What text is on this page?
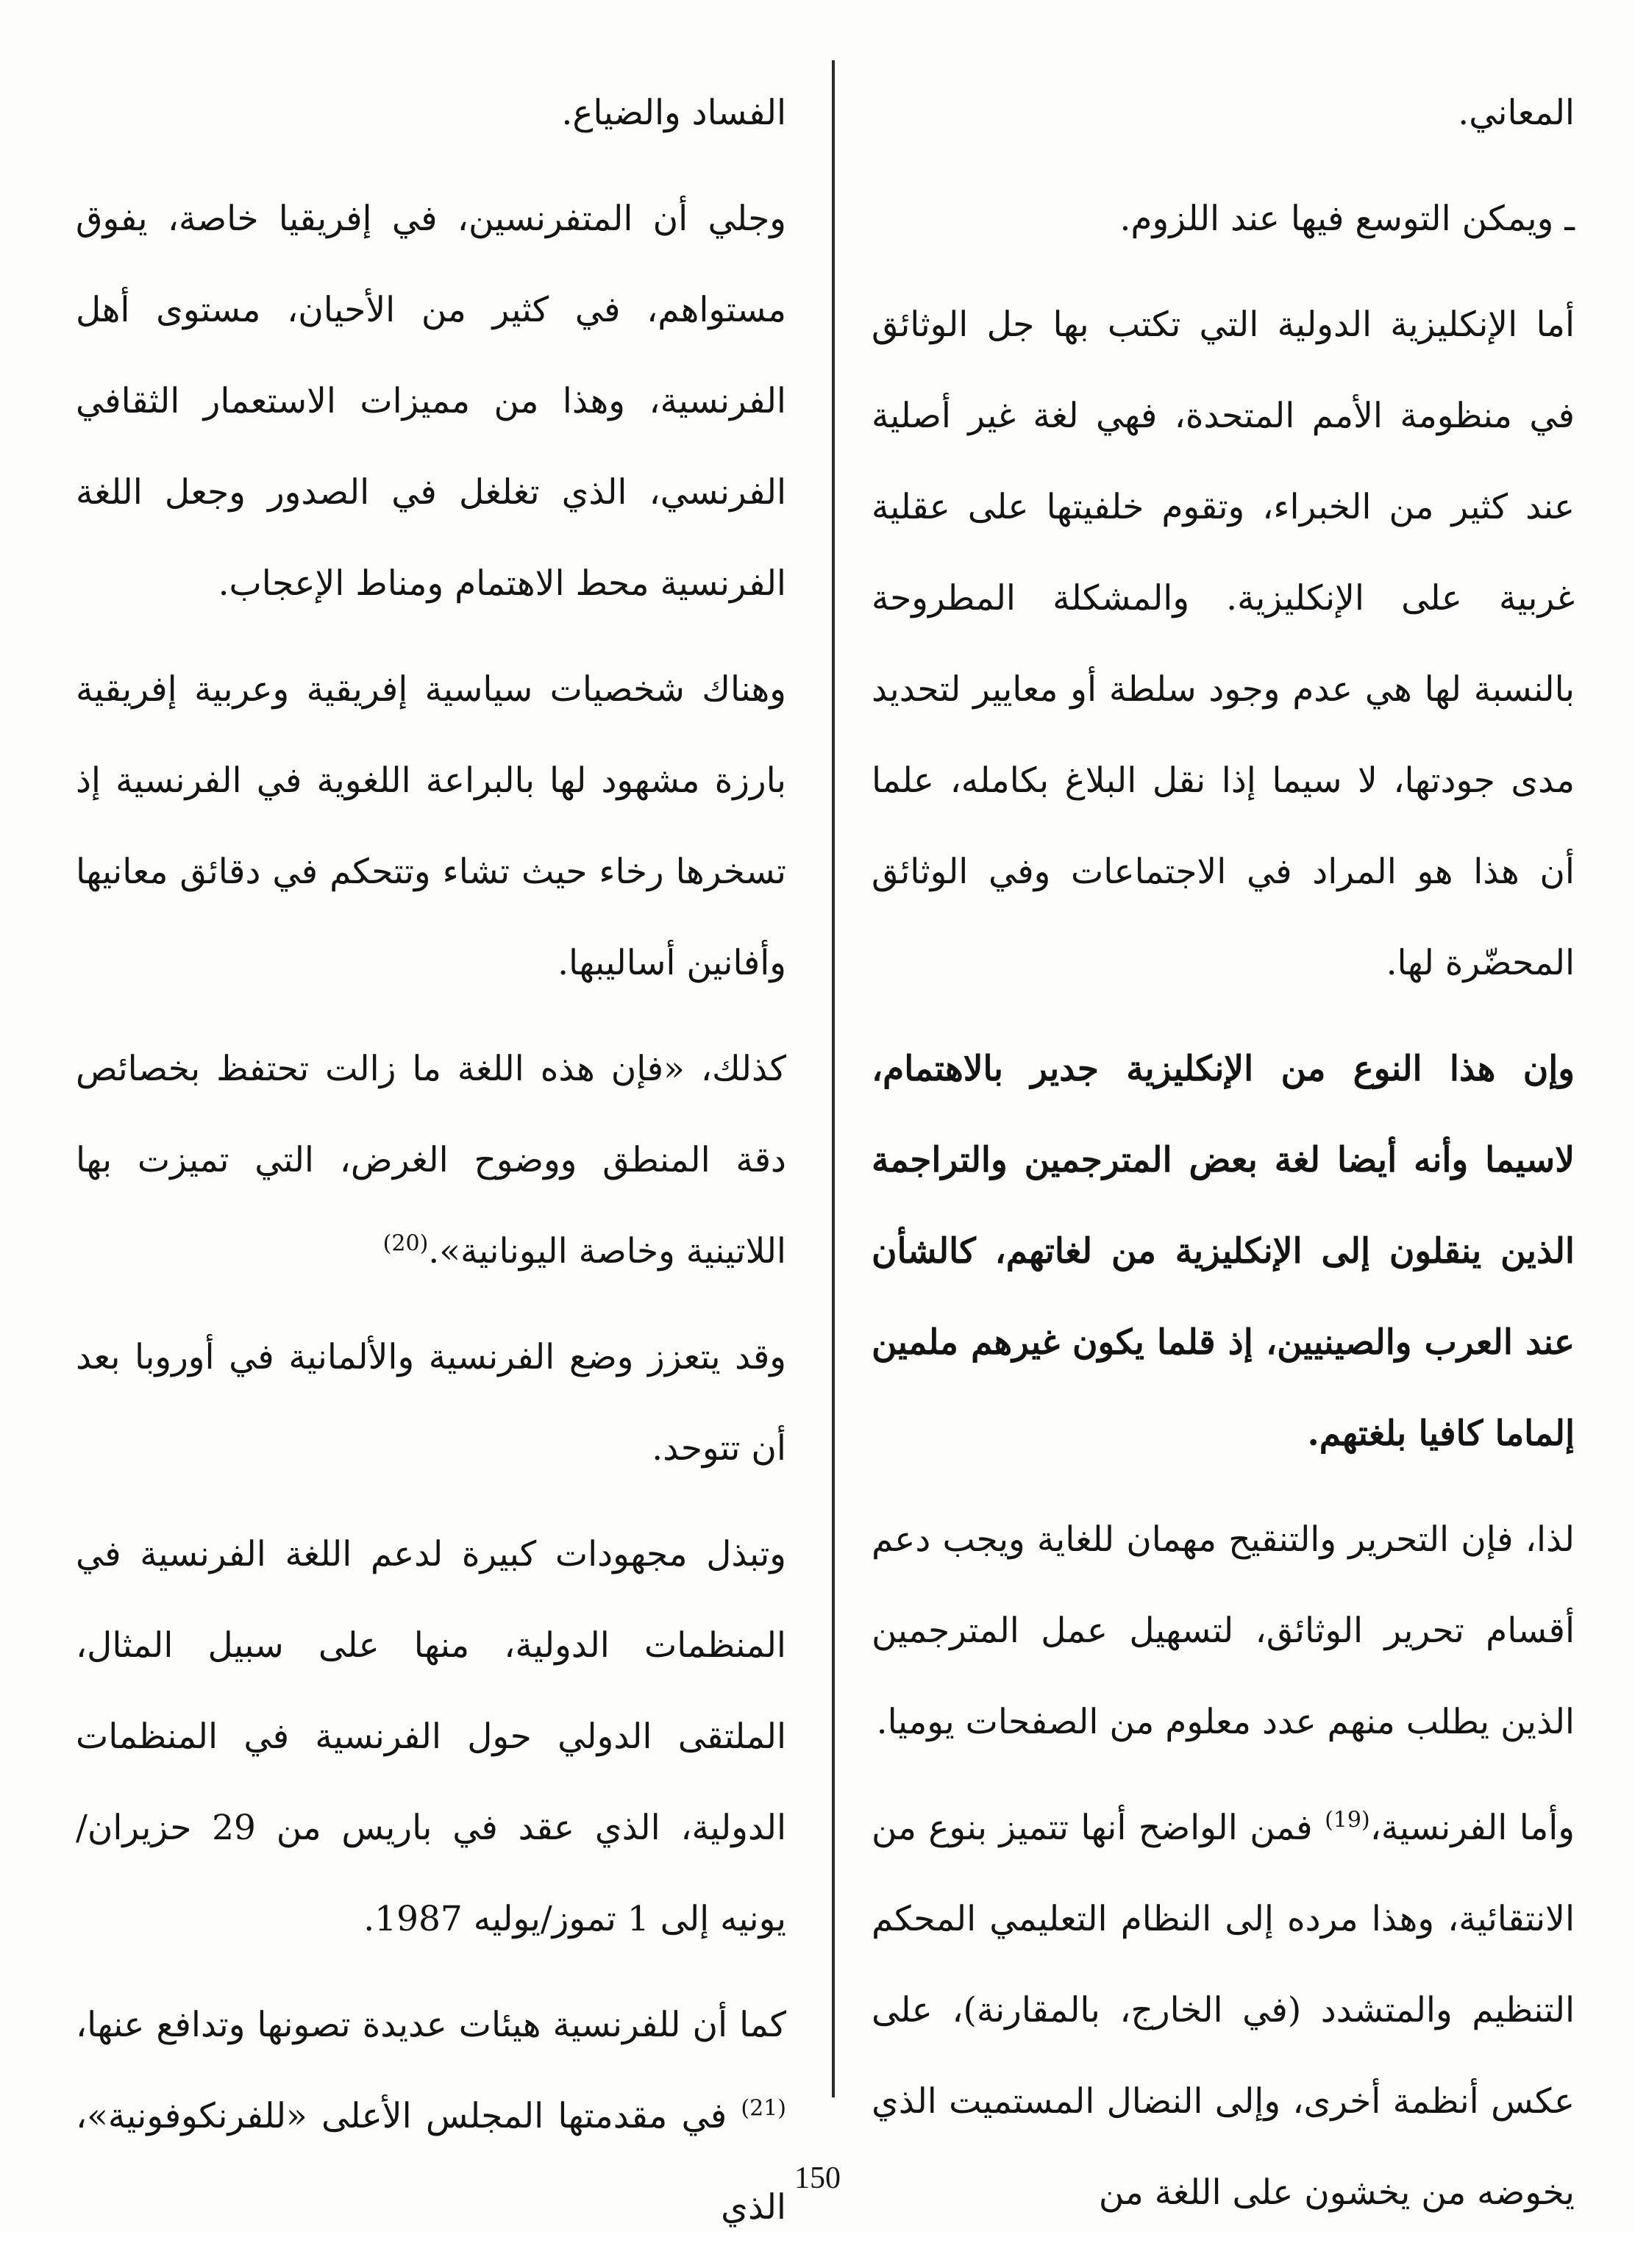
المعاني.

ـ ويمكن التوسع فيها عند اللزوم.

أما الإنكليزية الدولية التي تكتب بها جل الوثائق في منظومة الأمم المتحدة، فهي لغة غير أصلية عند كثير من الخبراء، وتقوم خلفيتها على عقلية غربية على الإنكليزية. والمشكلة المطروحة بالنسبة لها هي عدم وجود سلطة أو معايير لتحديد مدى جودتها، لا سيما إذا نقل البلاغ بكامله، علما أن هذا هو المراد في الاجتماعات وفي الوثائق المحضّرة لها.

وإن هذا النوع من الإنكليزية جدير بالاهتمام، لاسيما وأنه أيضا لغة بعض المترجمين والتراجمة الذين ينقلون إلى الإنكليزية من لغاتهم، كالشأن عند العرب والصينيين، إذ قلما يكون غيرهم ملمين إلماما كافيا بلغتهم.

لذا، فإن التحرير والتنقيح مهمان للغاية ويجب دعم أقسام تحرير الوثائق، لتسهيل عمل المترجمين الذين يطلب منهم عدد معلوم من الصفحات يوميا.

وأما الفرنسية،$^{(19)}$ فمن الواضح أنها تتميز بنوع من الانتقائية، وهذا مرده إلى النظام التعليمي المحكم التنظيم والمتشدد (في الخارج، بالمقارنة)، على عكس أنظمة أخرى، وإلى النضال المستميت الذي يخوضه من يخشون على اللغة من

الفساد والضياع.

وجلي أن المتفرنسين، في إفريقيا خاصة، يفوق مستواهم، في كثير من الأحيان، مستوى أهل الفرنسية، وهذا من مميزات الاستعمار الثقافي الفرنسي، الذي تغلغل في الصدور وجعل اللغة الفرنسية محط الاهتمام ومناط الإعجاب.

وهناك شخصيات سياسية إفريقية وعربية إفريقية بارزة مشهود لها بالبراعة اللغوية في الفرنسية إذ تسخرها رخاء حيث تشاء وتتحكم في دقائق معانيها وأفانين أساليبها.

كذلك، «فإن هذه اللغة ما زالت تحتفظ بخصائص دقة المنطق ووضوح الغرض، التي تميزت بها اللاتينية وخاصة اليونانية».$^{(20)}$

وقد يتعزز وضع الفرنسية والألمانية في أوروبا بعد أن تتوحد.

وتبذل مجهودات كبيرة لدعم اللغة الفرنسية في المنظمات الدولية، منها على سبيل المثال، الملتقى الدولي حول الفرنسية في المنظمات الدولية، الذي عقد في باريس من 29 حزيران/يونيه إلى 1 تموز/يوليه 1987.

كما أن للفرنسية هيئات عديدة تصونها وتدافع عنها،$^{(21)}$ في مقدمتها المجلس الأعلى «للفرنكوفونية»، الذي

150
